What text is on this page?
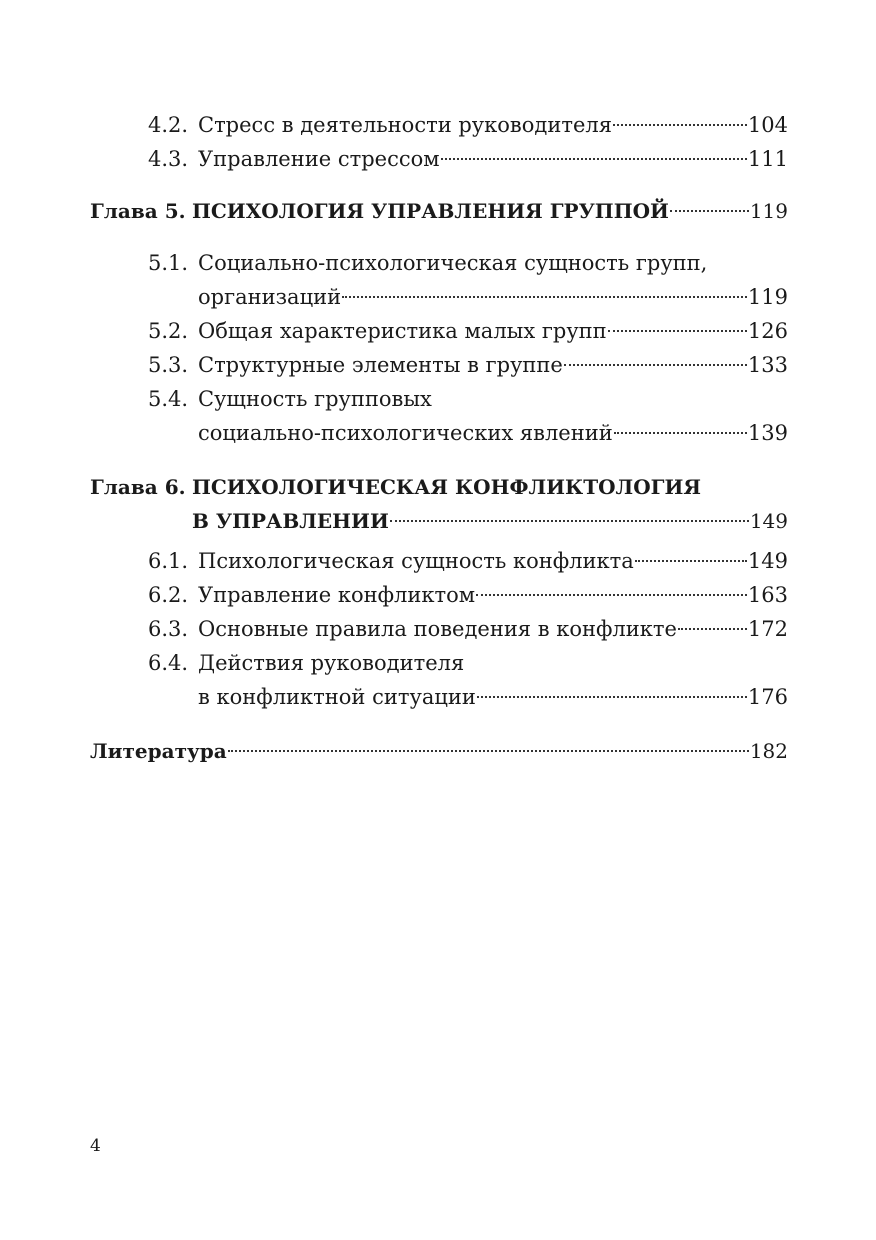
4.2. Стресс в деятельности руководителя	104
4.3. Управление стрессом	111
Глава 5. ПСИХОЛОГИЯ УПРАВЛЕНИЯ ГРУППОЙ	119
5.1. Социально-психологическая сущность групп,
организаций	119
5.2. Общая характеристика малых групп	126
5.3. Структурные элементы в группе	133
5.4. Сущность групповых
социально-психологических явлений	139
Глава 6. ПСИХОЛОГИЧЕСКАЯ КОНФЛИКТОЛОГИЯ
В УПРАВЛЕНИИ	149
6.1. Психологическая сущность конфликта	149
6.2. Управление конфликтом	163
6.3. Основные правила поведения в конфликте	172
6.4. Действия руководителя
в конфликтной ситуации	176
Литература	182
4
